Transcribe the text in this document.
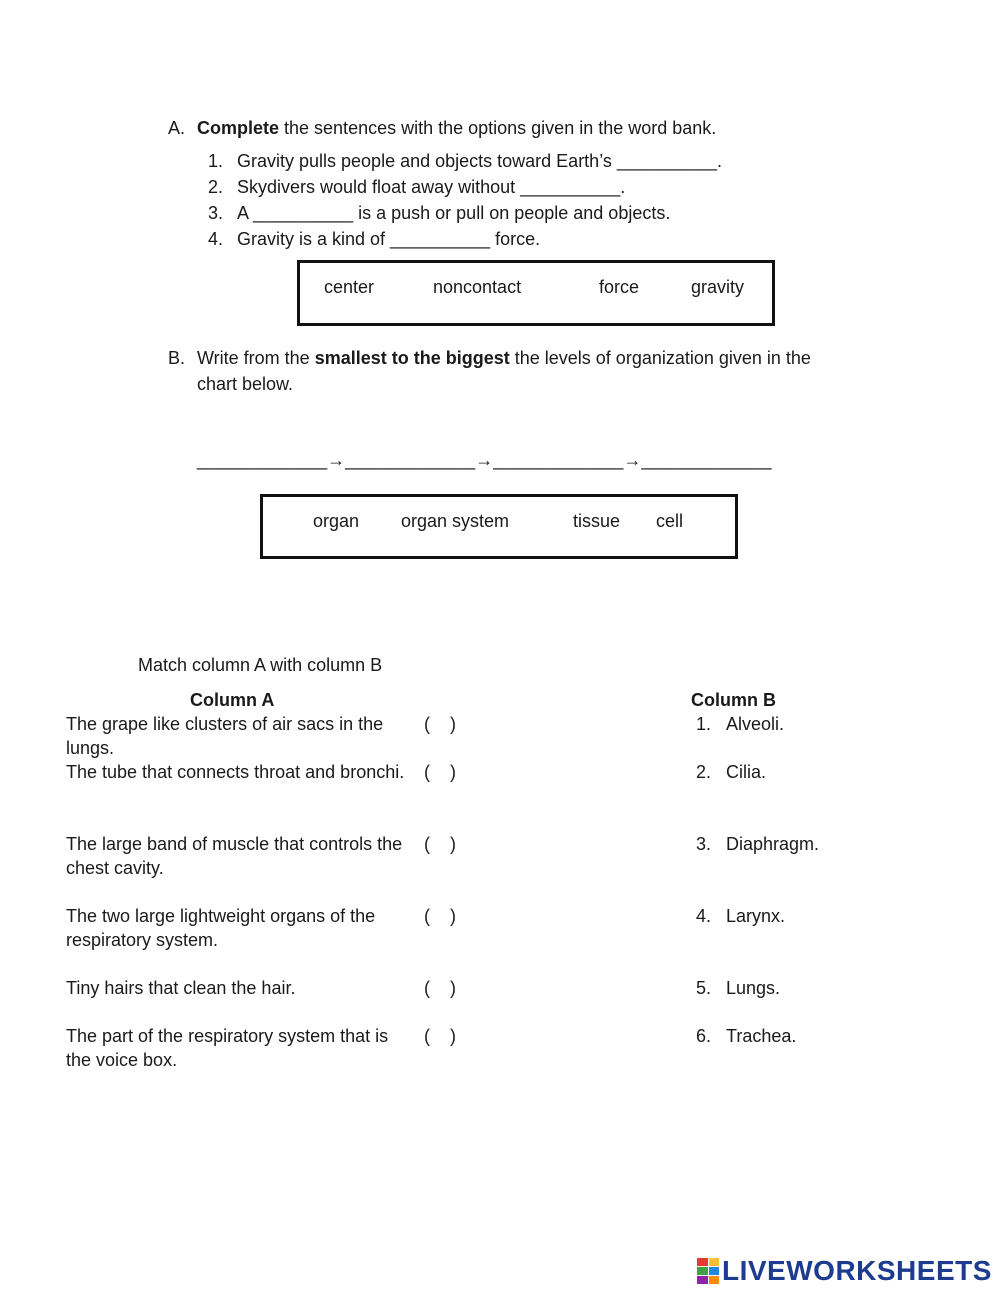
A. Complete the sentences with the options given in the word bank.
1. Gravity pulls people and objects toward Earth’s __________.
2. Skydivers would float away without __________.
3. A __________ is a push or pull on people and objects.
4. Gravity is a kind of __________ force.
center	noncontact	force	gravity
B. Write from the smallest to the biggest the levels of organization given in the
chart below.
_____________→_____________→_____________→_____________
organ organ system	tissue cell
Match column A with column B
Column A	Column B
The grape like clusters of air sacs in the lungs.
(    )	1. Alveoli.
The tube that connects throat and bronchi.	(    )	2. Cilia.
The large band of muscle that controls the chest cavity.
(    )	3. Diaphragm.
The two large lightweight organs of the respiratory system.
(    )	4. Larynx.
Tiny hairs that clean the hair.	(    )	5. Lungs.
The part of the respiratory system that is the voice box.
(    )	6. Trachea.
LIVEWORKSHEETS
